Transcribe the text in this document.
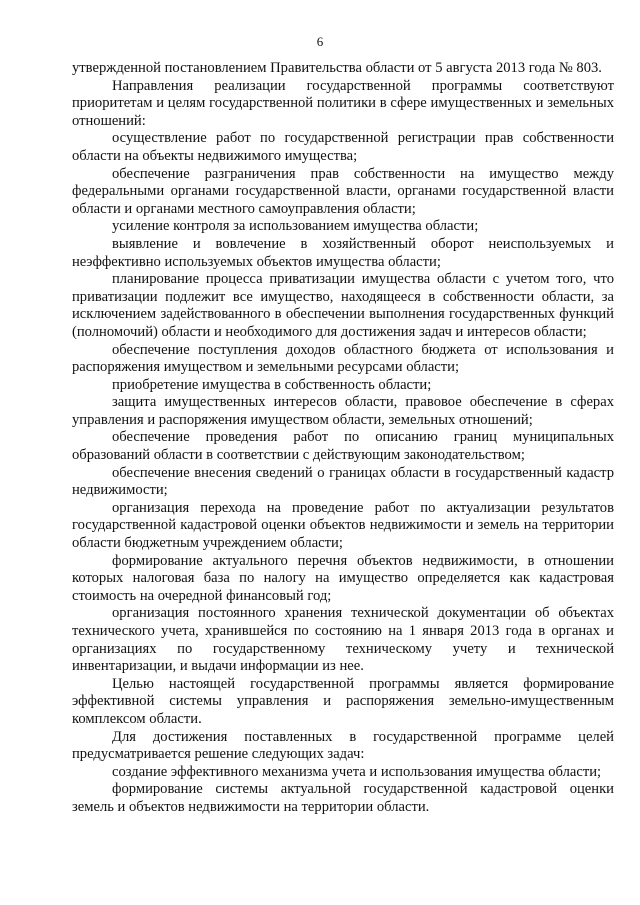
6

утвержденной постановлением Правительства области от 5 августа 2013 года № 803.

Направления реализации государственной программы соответствуют приоритетам и целям государственной политики в сфере имущественных и земельных отношений:

осуществление работ по государственной регистрации прав собственности области на объекты недвижимого имущества;

обеспечение разграничения прав собственности на имущество между федеральными органами государственной власти, органами государственной власти области и органами местного самоуправления области;

усиление контроля за использованием имущества области;

выявление и вовлечение в хозяйственный оборот неиспользуемых и неэффективно используемых объектов имущества области;

планирование процесса приватизации имущества области с учетом того, что приватизации подлежит все имущество, находящееся в собственности области, за исключением задействованного в обеспечении выполнения государственных функций (полномочий) области и необходимого для достижения задач и интересов области;

обеспечение поступления доходов областного бюджета от использования и распоряжения имуществом и земельными ресурсами области;

приобретение имущества в собственность области;

защита имущественных интересов области, правовое обеспечение в сферах управления и распоряжения имуществом области, земельных отношений;

обеспечение проведения работ по описанию границ муниципальных образований области в соответствии с действующим законодательством;

обеспечение внесения сведений о границах области в государственный кадастр недвижимости;

организация перехода на проведение работ по актуализации результатов государственной кадастровой оценки объектов недвижимости и земель на территории области бюджетным учреждением области;

формирование актуального перечня объектов недвижимости, в отношении которых налоговая база по налогу на имущество определяется как кадастровая стоимость на очередной финансовый год;

организация постоянного хранения технической документации об объектах технического учета, хранившейся по состоянию на 1 января 2013 года в органах и организациях по государственному техническому учету и технической инвентаризации, и выдачи информации из нее.

Целью настоящей государственной программы является формирование эффективной системы управления и распоряжения земельно-имущественным комплексом области.

Для достижения поставленных в государственной программе целей предусматривается решение следующих задач:

создание эффективного механизма учета и использования имущества области;

формирование системы актуальной государственной кадастровой оценки земель и объектов недвижимости на территории области.
